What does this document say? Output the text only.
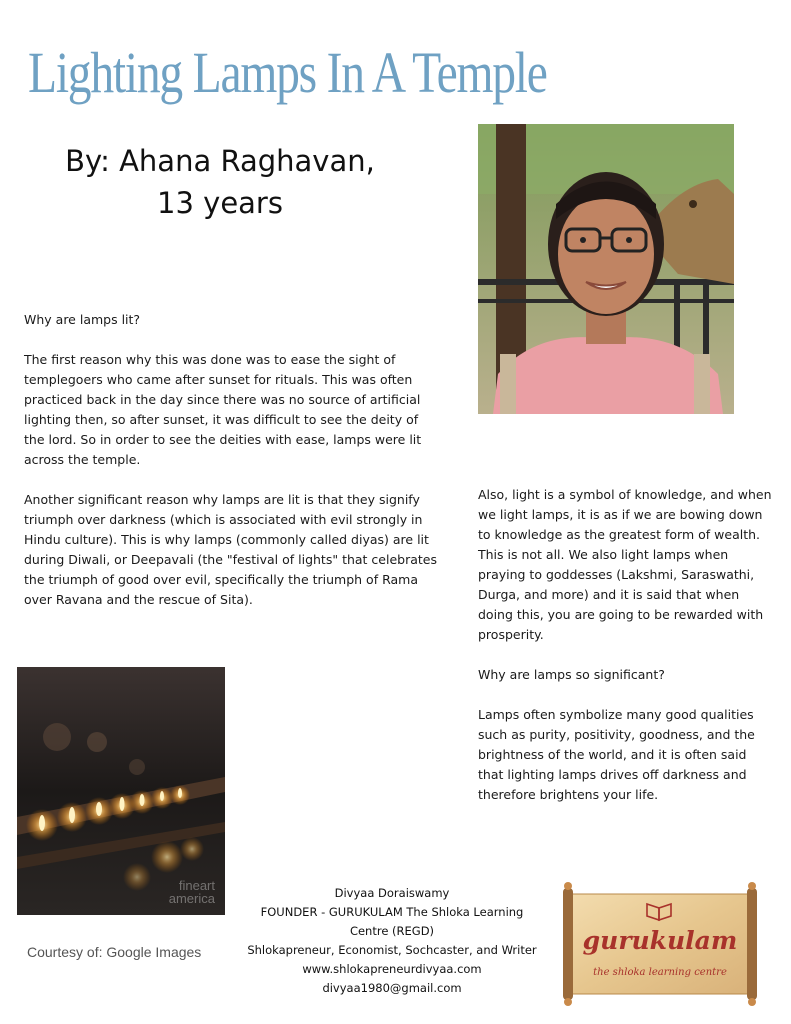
Lighting Lamps In A Temple
By: Ahana Raghavan,
13 years

Why are lamps lit?

The first reason why this was done was to ease the sight of templegoers who came after sunset for rituals. This was often practiced back in the day since there was no source of artificial lighting then, so after sunset, it was difficult to see the deity of the lord. So in order to see the deities with ease, lamps were lit across the temple.

Another significant reason why lamps are lit is that they signify triumph over darkness (which is associated with evil strongly in Hindu culture). This is why lamps (commonly called diyas) are lit during Diwali, or Deepavali (the "festival of lights" that celebrates the triumph of good over evil, specifically the triumph of Rama over Ravana and the rescue of Sita).

Also, light is a symbol of knowledge, and when we light lamps, it is as if we are bowing down to knowledge as the greatest form of wealth. This is not all. We also light lamps when praying to goddesses (Lakshmi, Saraswathi, Durga, and more) and it is said that when doing this, you are going to be rewarded with prosperity.

Why are lamps so significant?

Lamps often symbolize many good qualities such as purity, positivity, goodness, and the brightness of the world, and it is often said that lighting lamps drives off darkness and therefore brightens your life.

fineart
america
Courtesy of: Google Images
Divyaa Doraiswamy
FOUNDER - GURUKULAM The Shloka Learning Centre (REGD)
Shlokapreneur, Economist, Sochcaster, and Writer
www.shlokapreneurdivyaa.com
divyaa1980@gmail.com
gurukulam
the shloka learning centre
